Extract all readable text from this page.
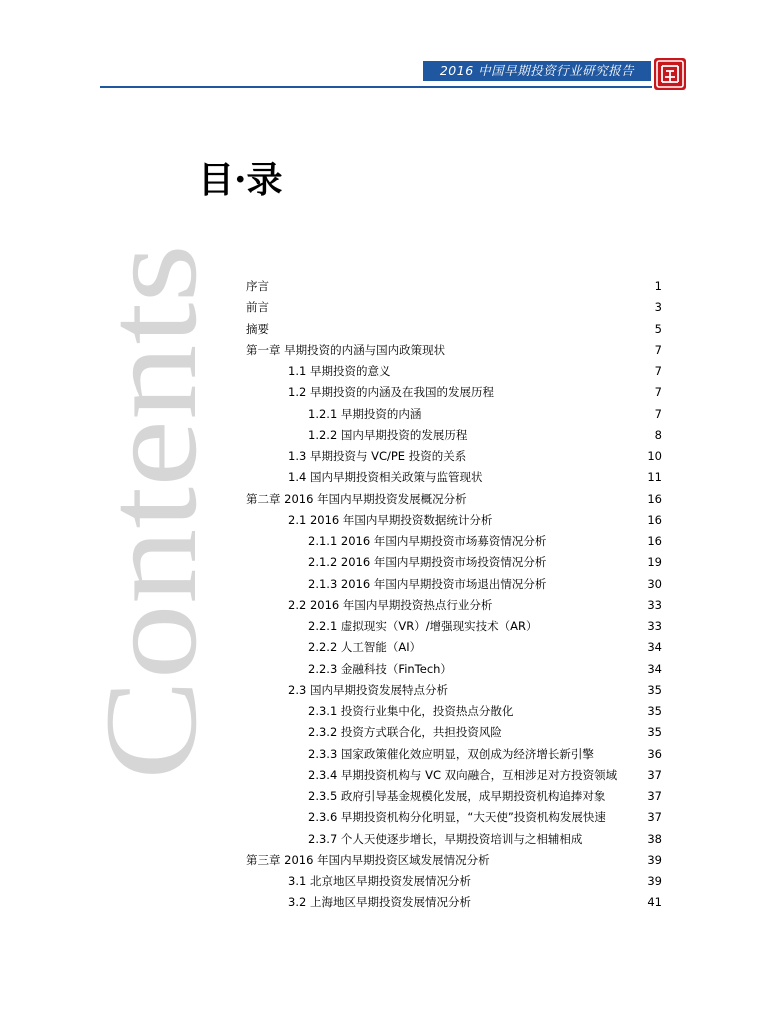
2016 中国早期投资行业研究报告
目·录
Contents
序言	1
前言	3
摘要	5
第一章 早期投资的内涵与国内政策现状	7
1.1 早期投资的意义	7
1.2 早期投资的内涵及在我国的发展历程	7
1.2.1 早期投资的内涵	7
1.2.2 国内早期投资的发展历程	8
1.3 早期投资与 VC/PE 投资的关系	10
1.4 国内早期投资相关政策与监管现状	11
第二章 2016 年国内早期投资发展概况分析	16
2.1 2016 年国内早期投资数据统计分析	16
2.1.1 2016 年国内早期投资市场募资情况分析	16
2.1.2 2016 年国内早期投资市场投资情况分析	19
2.1.3 2016 年国内早期投资市场退出情况分析	30
2.2 2016 年国内早期投资热点行业分析	33
2.2.1 虚拟现实（VR）/增强现实技术（AR）	33
2.2.2 人工智能（AI）	34
2.2.3 金融科技（FinTech）	34
2.3 国内早期投资发展特点分析	35
2.3.1 投资行业集中化，投资热点分散化	35
2.3.2 投资方式联合化，共担投资风险	35
2.3.3 国家政策催化效应明显，双创成为经济增长新引擎	36
2.3.4 早期投资机构与 VC 双向融合，互相涉足对方投资领域	37
2.3.5 政府引导基金规模化发展，成早期投资机构追捧对象	37
2.3.6 早期投资机构分化明显，“大天使”投资机构发展快速	37
2.3.7 个人天使逐步增长，早期投资培训与之相辅相成	38
第三章 2016 年国内早期投资区域发展情况分析	39
3.1 北京地区早期投资发展情况分析	39
3.2 上海地区早期投资发展情况分析	41
